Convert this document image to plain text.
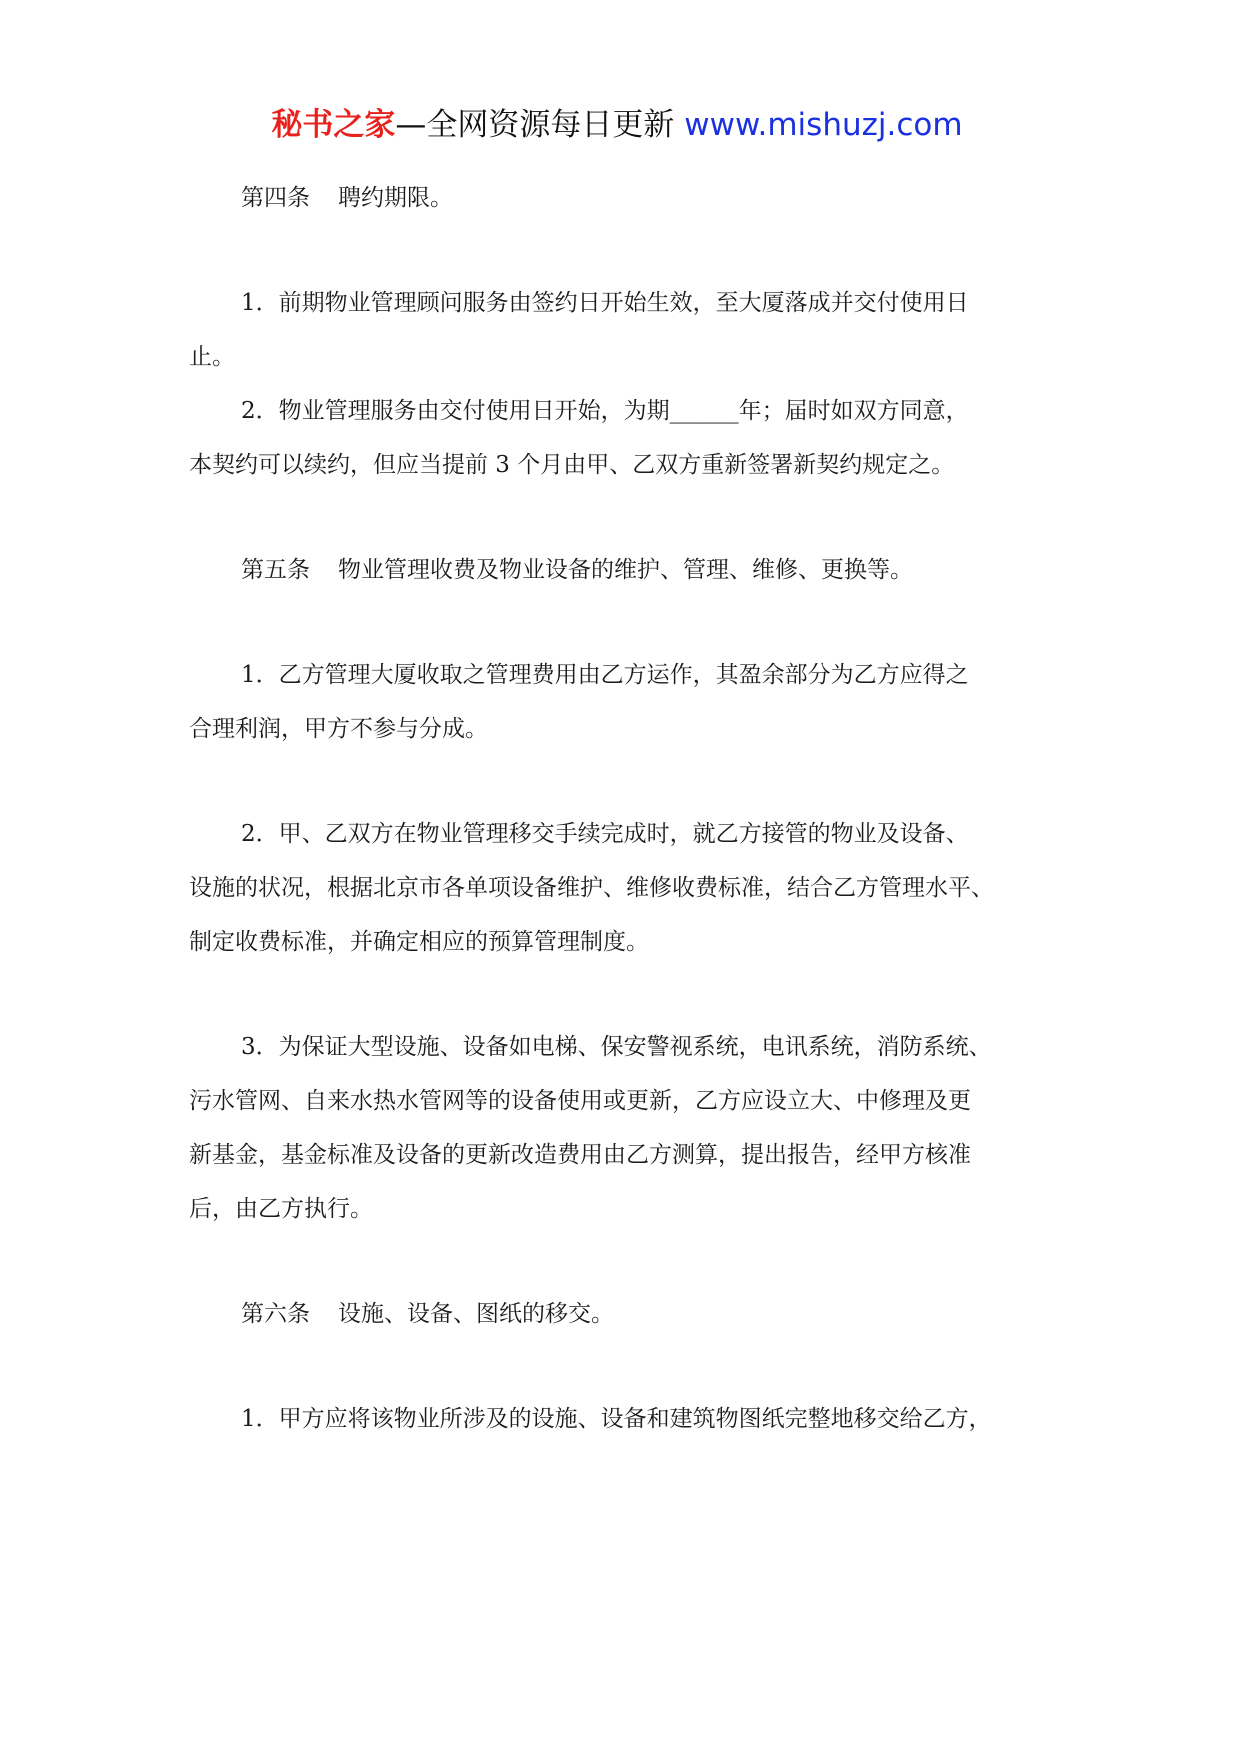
秘书之家—全网资源每日更新 www.mishuzj.com
第四条 聘约期限。
1．前期物业管理顾问服务由签约日开始生效，至大厦落成并交付使用日
止。
2．物业管理服务由交付使用日开始，为期______年；届时如双方同意，
本契约可以续约，但应当提前 3 个月由甲、乙双方重新签署新契约规定之。
第五条 物业管理收费及物业设备的维护、管理、维修、更换等。
1．乙方管理大厦收取之管理费用由乙方运作，其盈余部分为乙方应得之
合理利润，甲方不参与分成。
2．甲、乙双方在物业管理移交手续完成时，就乙方接管的物业及设备、
设施的状况，根据北京市各单项设备维护、维修收费标准，结合乙方管理水平、
制定收费标准，并确定相应的预算管理制度。
3．为保证大型设施、设备如电梯、保安警视系统，电讯系统，消防系统、
污水管网、自来水热水管网等的设备使用或更新，乙方应设立大、中修理及更
新基金，基金标准及设备的更新改造费用由乙方测算，提出报告，经甲方核准
后，由乙方执行。
第六条 设施、设备、图纸的移交。
1．甲方应将该物业所涉及的设施、设备和建筑物图纸完整地移交给乙方，
